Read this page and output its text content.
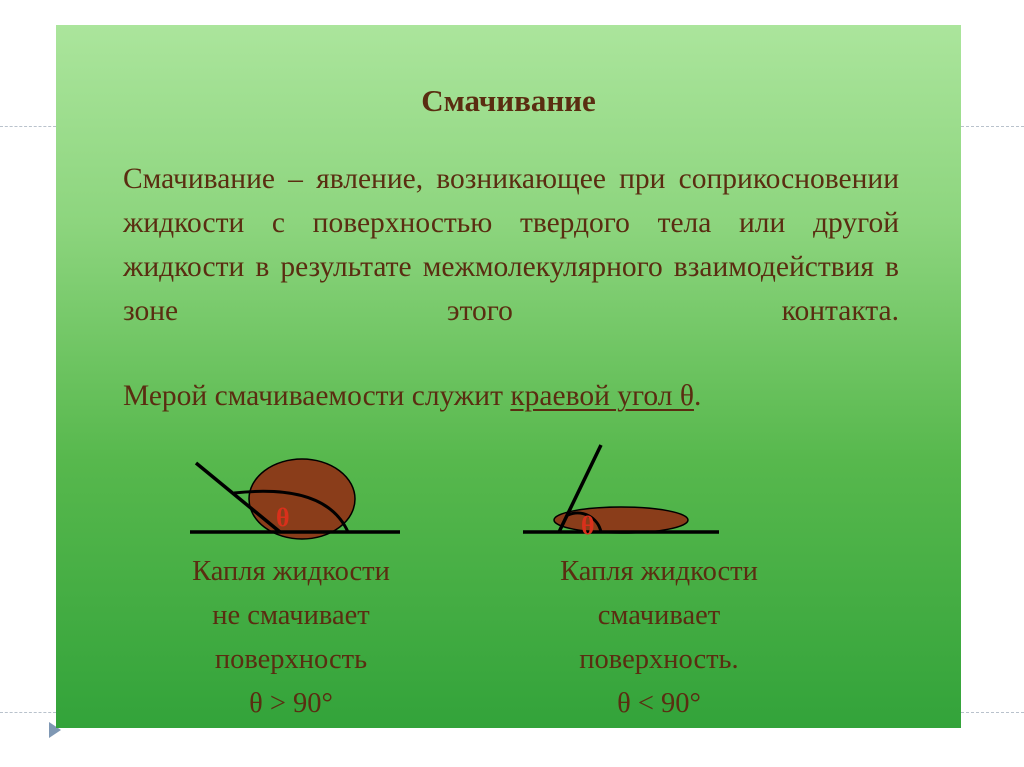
Смачивание
Смачивание – явление, возникающее при соприкосновении жидкости с поверхностью твердого тела или другой жидкости в результате межмолекулярного взаимодействия в зоне этого контакта.
Мерой смачиваемости служит краевой угол θ.
θ	θ
Капля жидкости
не смачивает
поверхность
θ > 90°
Капля жидкости
смачивает
поверхность.
θ < 90°
